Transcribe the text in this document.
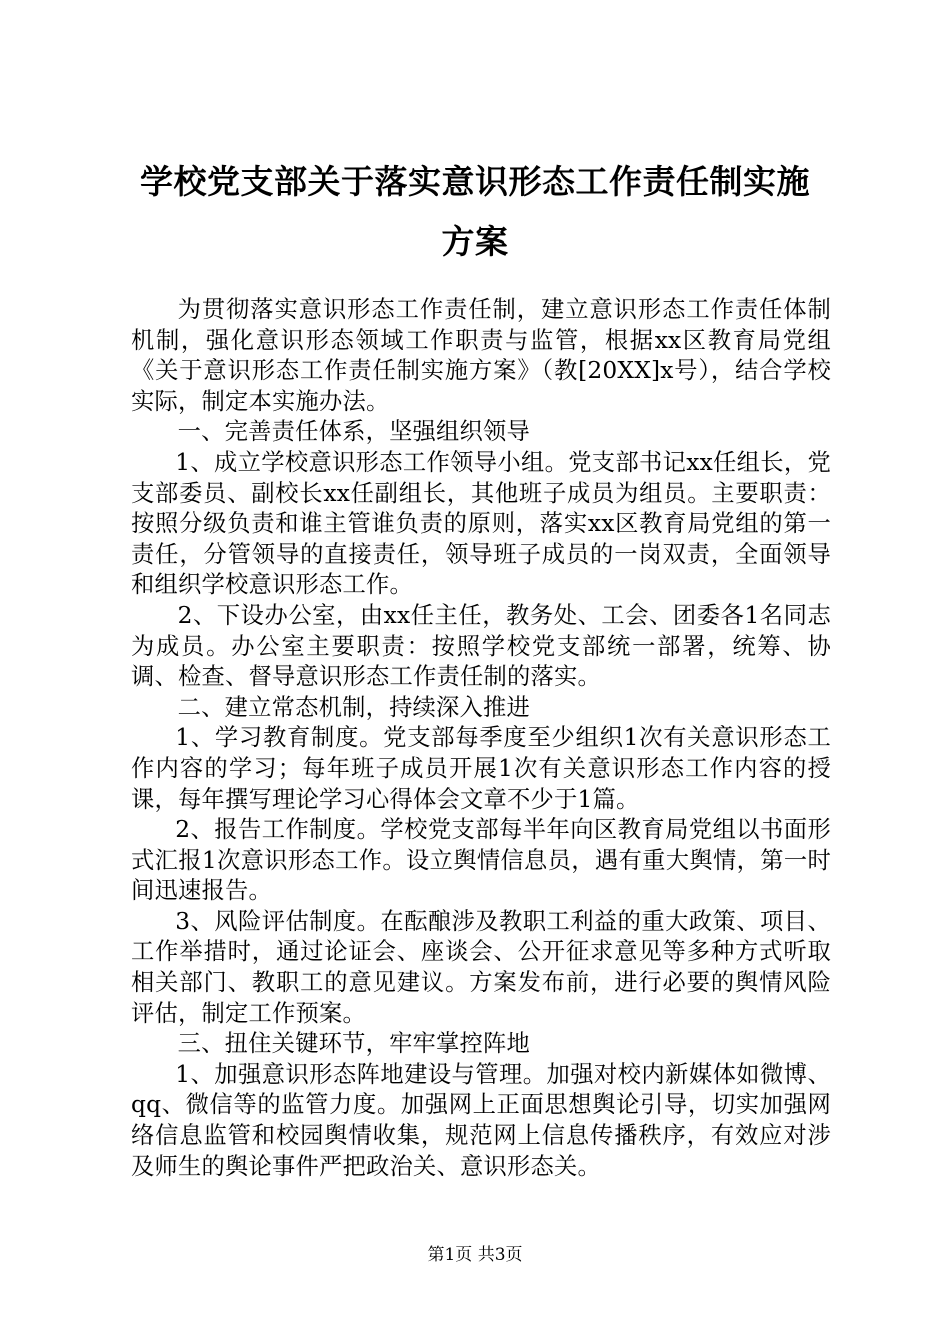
学校党支部关于落实意识形态工作责任制实施
方案

为贯彻落实意识形态工作责任制，建立意识形态工作责任体制机制，强化意识形态领域工作职责与监管，根据xx区教育局党组《关于意识形态工作责任制实施方案》（教[20XX]x号），结合学校实际，制定本实施办法。

一、完善责任体系，坚强组织领导

1、成立学校意识形态工作领导小组。党支部书记xx任组长，党支部委员、副校长xx任副组长，其他班子成员为组员。主要职责：按照分级负责和谁主管谁负责的原则，落实xx区教育局党组的第一责任，分管领导的直接责任，领导班子成员的一岗双责，全面领导和组织学校意识形态工作。

2、下设办公室，由xx任主任，教务处、工会、团委各1名同志为成员。办公室主要职责：按照学校党支部统一部署，统筹、协调、检查、督导意识形态工作责任制的落实。

二、建立常态机制，持续深入推进

1、学习教育制度。党支部每季度至少组织1次有关意识形态工作内容的学习；每年班子成员开展1次有关意识形态工作内容的授课，每年撰写理论学习心得体会文章不少于1篇。

2、报告工作制度。学校党支部每半年向区教育局党组以书面形式汇报1次意识形态工作。设立舆情信息员，遇有重大舆情，第一时间迅速报告。

3、风险评估制度。在酝酿涉及教职工利益的重大政策、项目、工作举措时，通过论证会、座谈会、公开征求意见等多种方式听取相关部门、教职工的意见建议。方案发布前，进行必要的舆情风险评估，制定工作预案。

三、扭住关键环节，牢牢掌控阵地

1、加强意识形态阵地建设与管理。加强对校内新媒体如微博、qq、微信等的监管力度。加强网上正面思想舆论引导，切实加强网络信息监管和校园舆情收集，规范网上信息传播秩序，有效应对涉及师生的舆论事件严把政治关、意识形态关。

第1页 共3页
